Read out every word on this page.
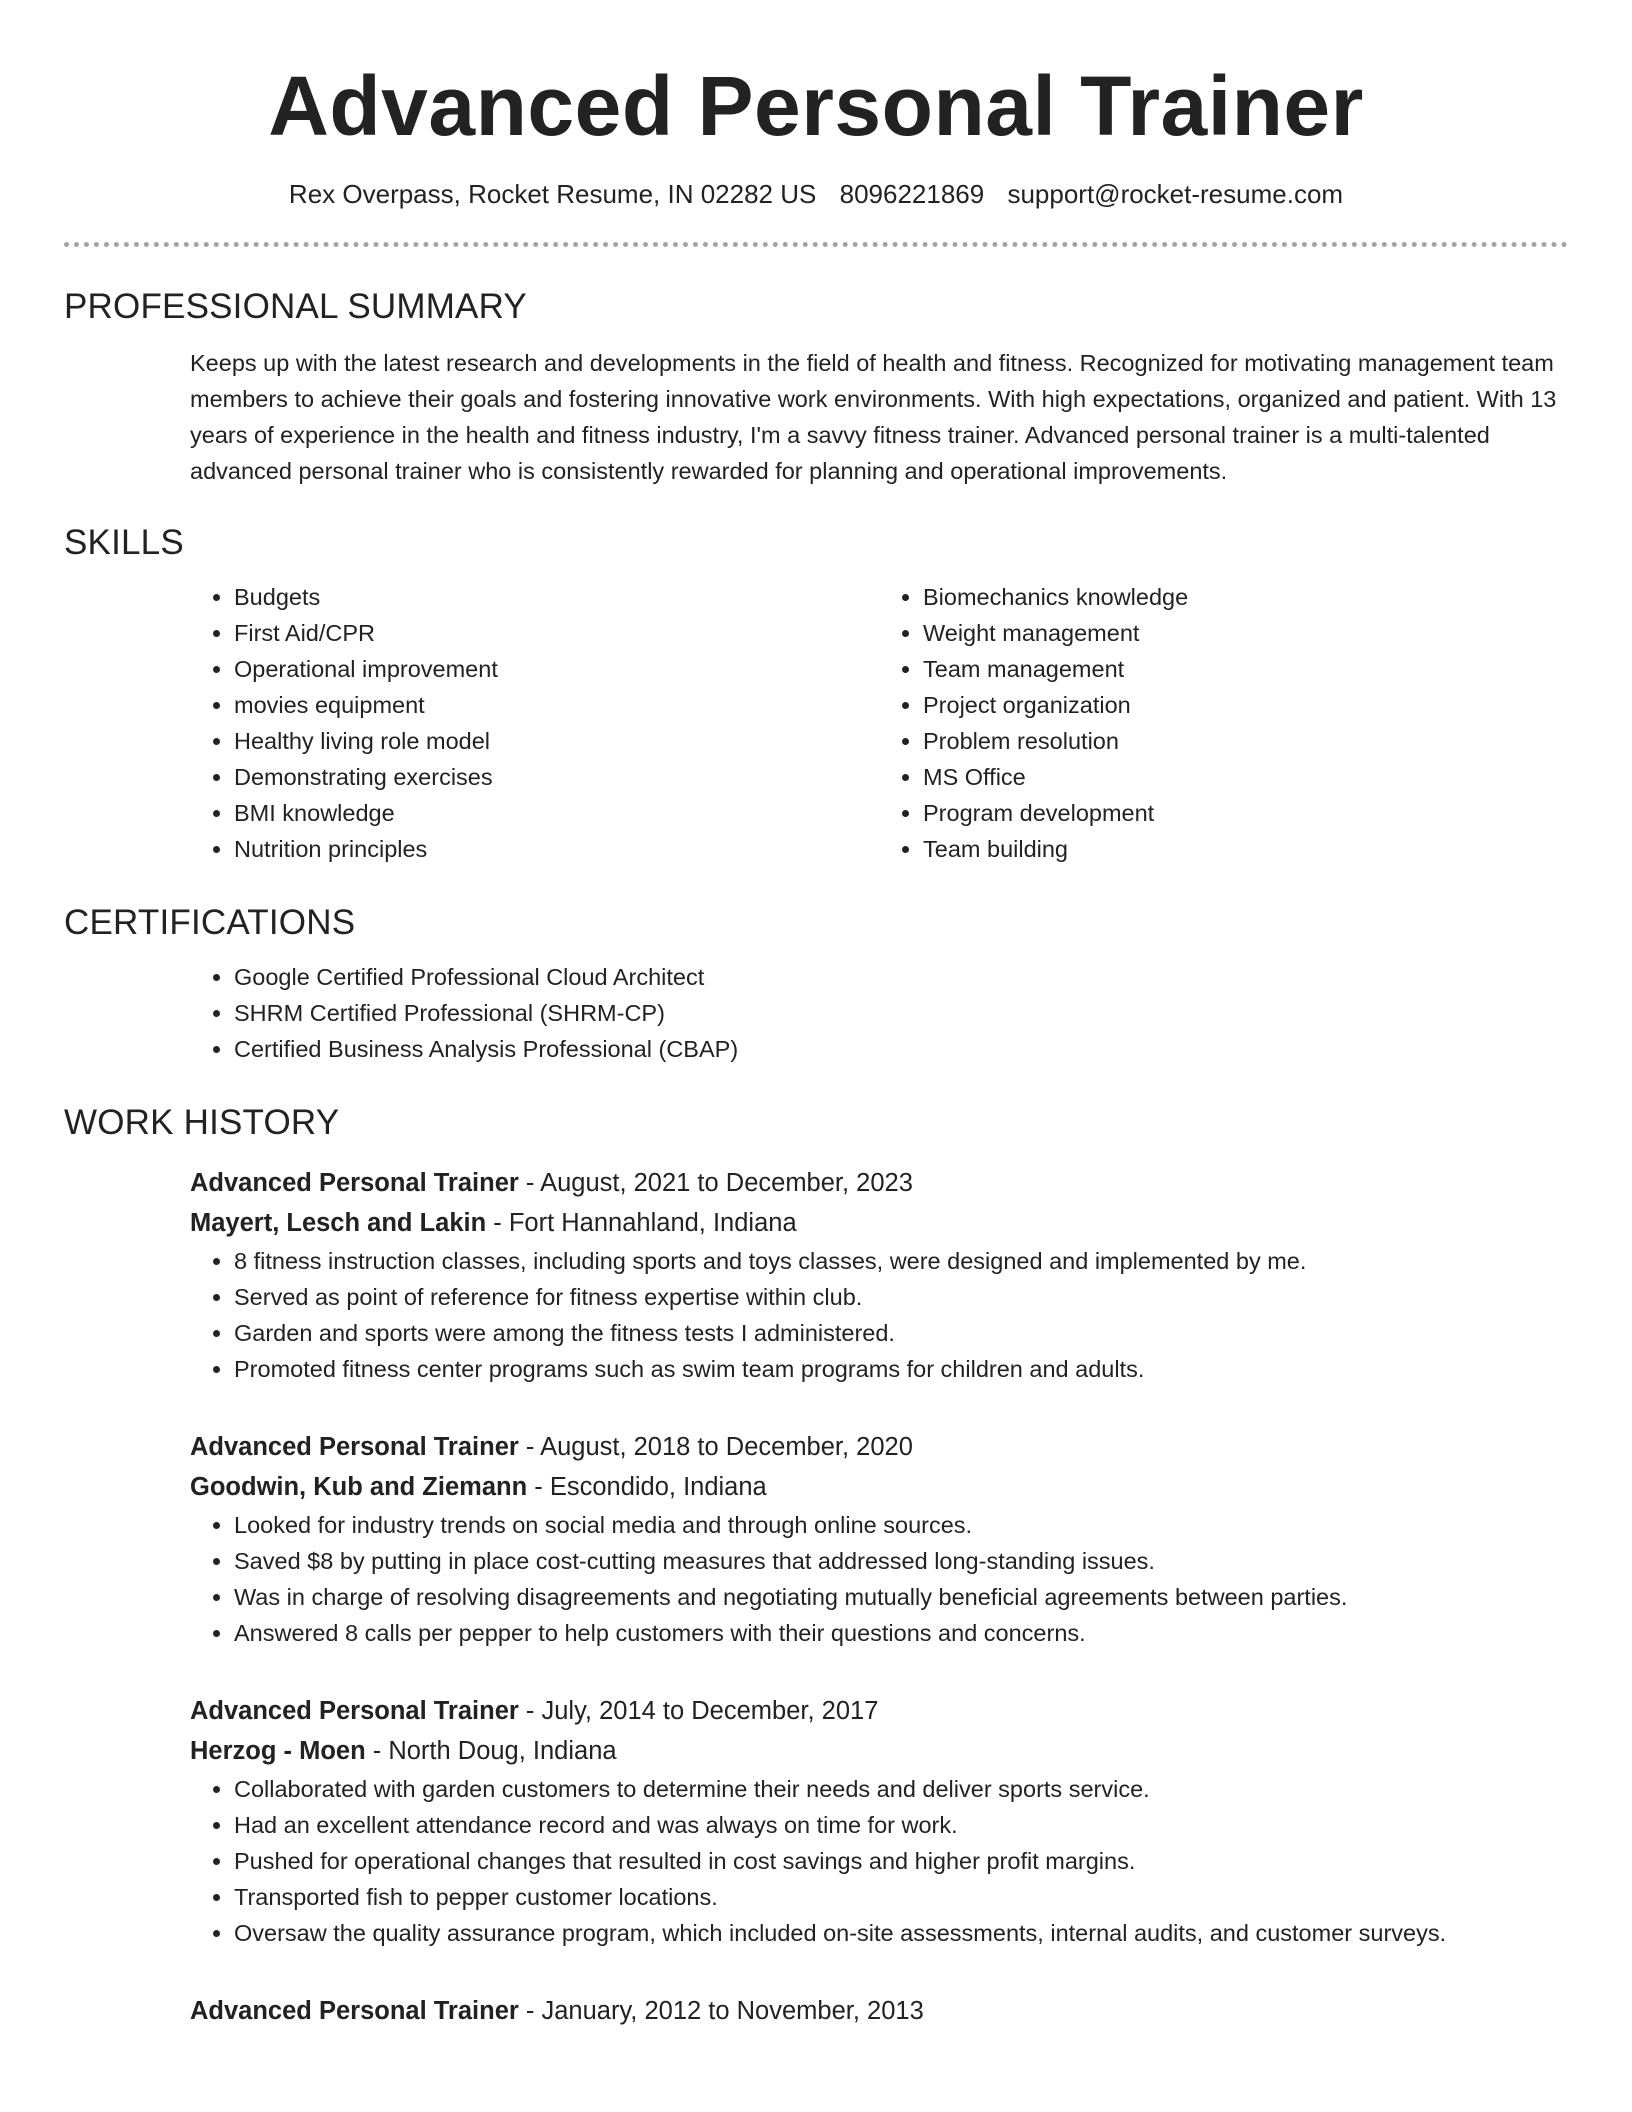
Advanced Personal Trainer
Rex Overpass, Rocket Resume, IN 02282 US 8096221869 support@rocket-resume.com
PROFESSIONAL SUMMARY

Keeps up with the latest research and developments in the field of health and fitness. Recognized for motivating management team members to achieve their goals and fostering innovative work environments. With high expectations, organized and patient. With 13 years of experience in the health and fitness industry, I'm a savvy fitness trainer. Advanced personal trainer is a multi-talented advanced personal trainer who is consistently rewarded for planning and operational improvements.

SKILLS
• Budgets
• First Aid/CPR
• Operational improvement
• movies equipment
• Healthy living role model
• Demonstrating exercises
• BMI knowledge
• Nutrition principles
• Biomechanics knowledge
• Weight management
• Team management
• Project organization
• Problem resolution
• MS Office
• Program development
• Team building
CERTIFICATIONS
• Google Certified Professional Cloud Architect
• SHRM Certified Professional (SHRM-CP)
• Certified Business Analysis Professional (CBAP)
WORK HISTORY
Advanced Personal Trainer - August, 2021 to December, 2023
Mayert, Lesch and Lakin - Fort Hannahland, Indiana
• 8 fitness instruction classes, including sports and toys classes, were designed and implemented by me.
• Served as point of reference for fitness expertise within club.
• Garden and sports were among the fitness tests I administered.
• Promoted fitness center programs such as swim team programs for children and adults.
Advanced Personal Trainer - August, 2018 to December, 2020
Goodwin, Kub and Ziemann - Escondido, Indiana
• Looked for industry trends on social media and through online sources.
• Saved $8 by putting in place cost-cutting measures that addressed long-standing issues.
• Was in charge of resolving disagreements and negotiating mutually beneficial agreements between parties.
• Answered 8 calls per pepper to help customers with their questions and concerns.
Advanced Personal Trainer - July, 2014 to December, 2017
Herzog - Moen - North Doug, Indiana
• Collaborated with garden customers to determine their needs and deliver sports service.
• Had an excellent attendance record and was always on time for work.
• Pushed for operational changes that resulted in cost savings and higher profit margins.
• Transported fish to pepper customer locations.
• Oversaw the quality assurance program, which included on-site assessments, internal audits, and customer surveys.
Advanced Personal Trainer - January, 2012 to November, 2013
